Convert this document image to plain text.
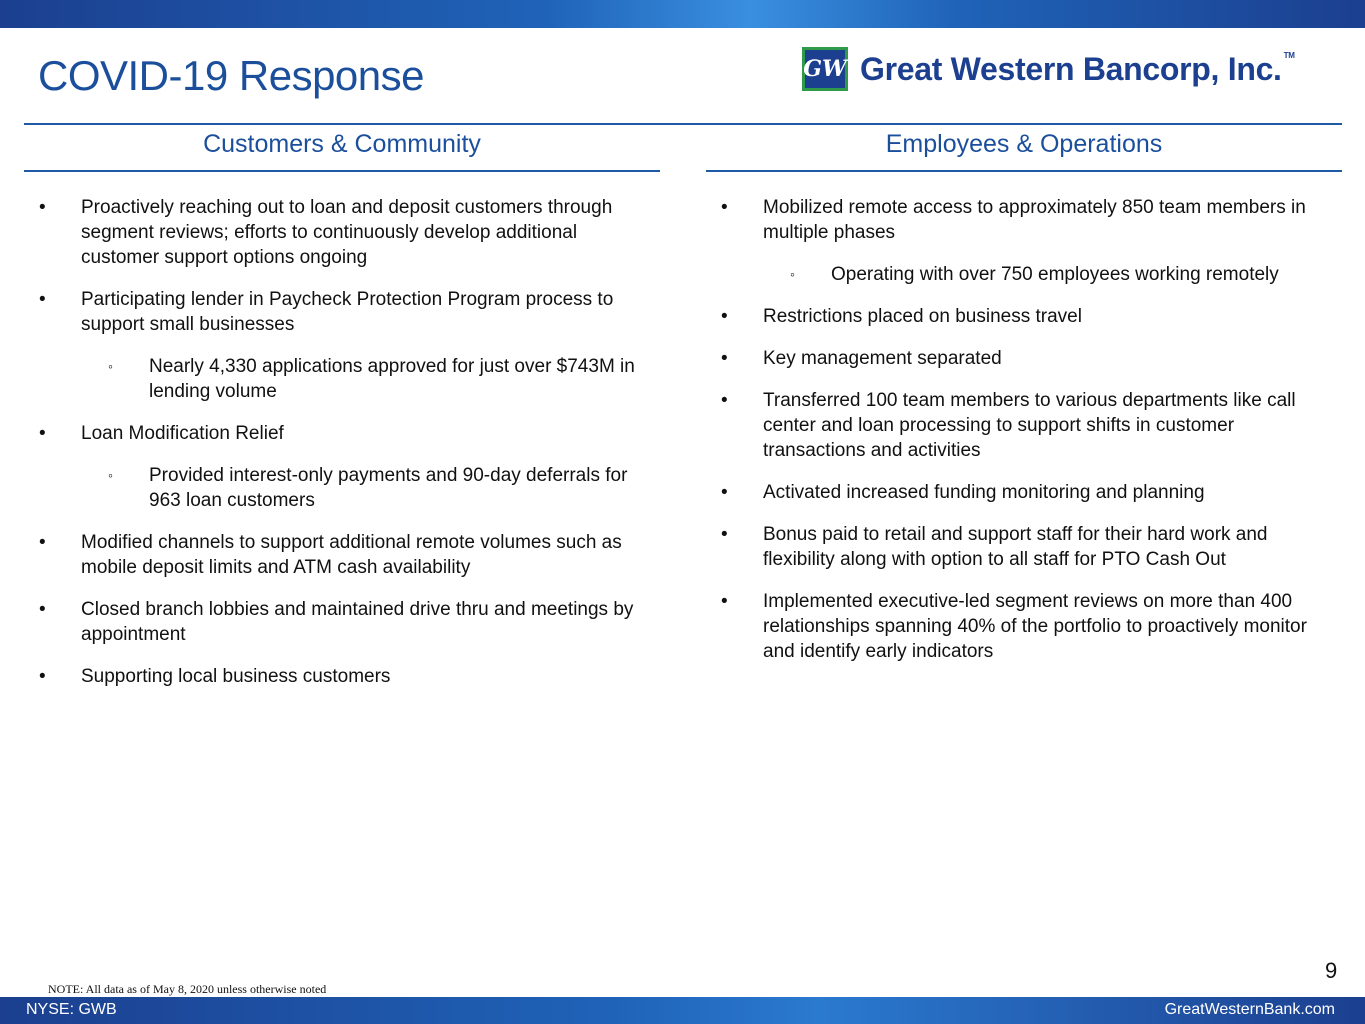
COVID-19 Response	GW Great Western Bancorp, Inc. ™
Customers & Community	Employees & Operations
• Proactively reaching out to loan and deposit customers through segment reviews; efforts to continuously develop additional customer support options ongoing
• Participating lender in Paycheck Protection Program process to support small businesses
◦ Nearly 4,330 applications approved for just over $743M in lending volume
• Loan Modification Relief
◦ Provided interest-only payments and 90-day deferrals for 963 loan customers
• Modified channels to support additional remote volumes such as mobile deposit limits and ATM cash availability
• Closed branch lobbies and maintained drive thru and meetings by appointment
• Supporting local business customers
• Mobilized remote access to approximately 850 team members in multiple phases
◦ Operating with over 750 employees working remotely
• Restrictions placed on business travel
• Key management separated
• Transferred 100 team members to various departments like call center and loan processing to support shifts in customer transactions and activities
• Activated increased funding monitoring and planning
• Bonus paid to retail and support staff for their hard work and flexibility along with option to all staff for PTO Cash Out
• Implemented executive-led segment reviews on more than 400 relationships spanning 40% of the portfolio to proactively monitor and identify early indicators
NOTE: All data as of May 8, 2020 unless otherwise noted
9
NYSE: GWB	GreatWesternBank.com
